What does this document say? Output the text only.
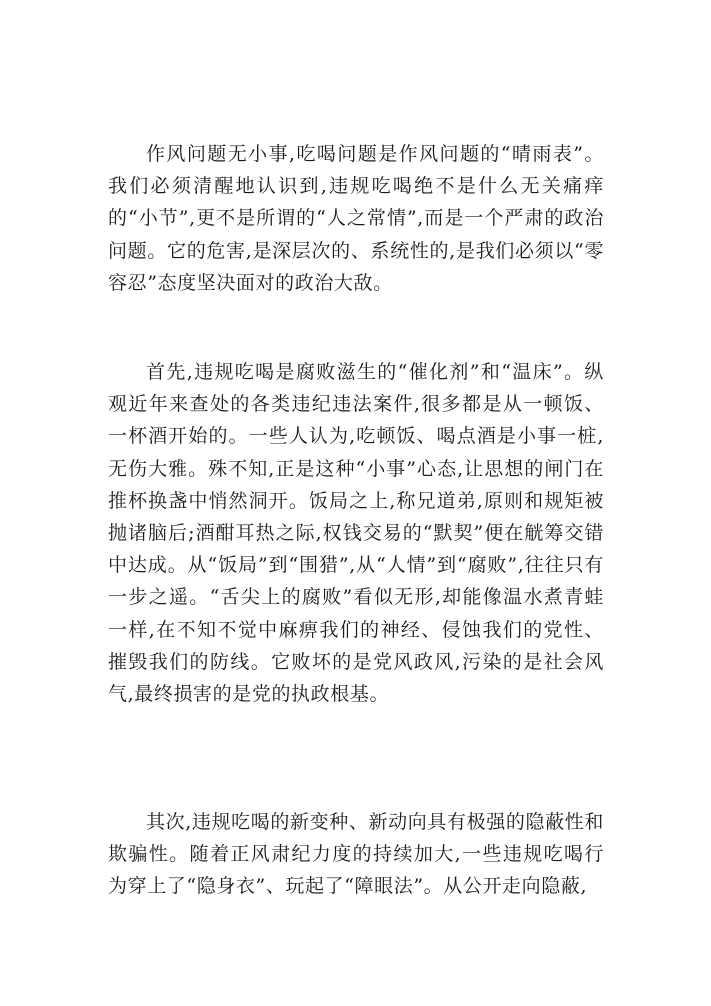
作风问题无小事,吃喝问题是作风问题的“晴雨表”。我们必须清醒地认识到,违规吃喝绝不是什么无关痛痒的“小节”,更不是所谓的“人之常情”,而是一个严肃的政治问题。它的危害,是深层次的、系统性的,是我们必须以“零容忍”态度坚决面对的政治大敌。

首先,违规吃喝是腐败滋生的“催化剂”和“温床”。纵观近年来查处的各类违纪违法案件,很多都是从一顿饭、一杯酒开始的。一些人认为,吃顿饭、喝点酒是小事一桩,无伤大雅。殊不知,正是这种“小事”心态,让思想的闸门在推杯换盏中悄然洞开。饭局之上,称兄道弟,原则和规矩被抛诸脑后;酒酣耳热之际,权钱交易的“默契”便在觥筹交错中达成。从“饭局”到“围猎”,从“人情”到“腐败”,往往只有一步之遥。“舌尖上的腐败”看似无形,却能像温水煮青蛙一样,在不知不觉中麻痹我们的神经、侵蚀我们的党性、摧毁我们的防线。它败坏的是党风政风,污染的是社会风气,最终损害的是党的执政根基。

其次,违规吃喝的新变种、新动向具有极强的隐蔽性和欺骗性。随着正风肃纪力度的持续加大,一些违规吃喝行为穿上了“隐身衣”、玩起了“障眼法”。从公开走向隐蔽,
